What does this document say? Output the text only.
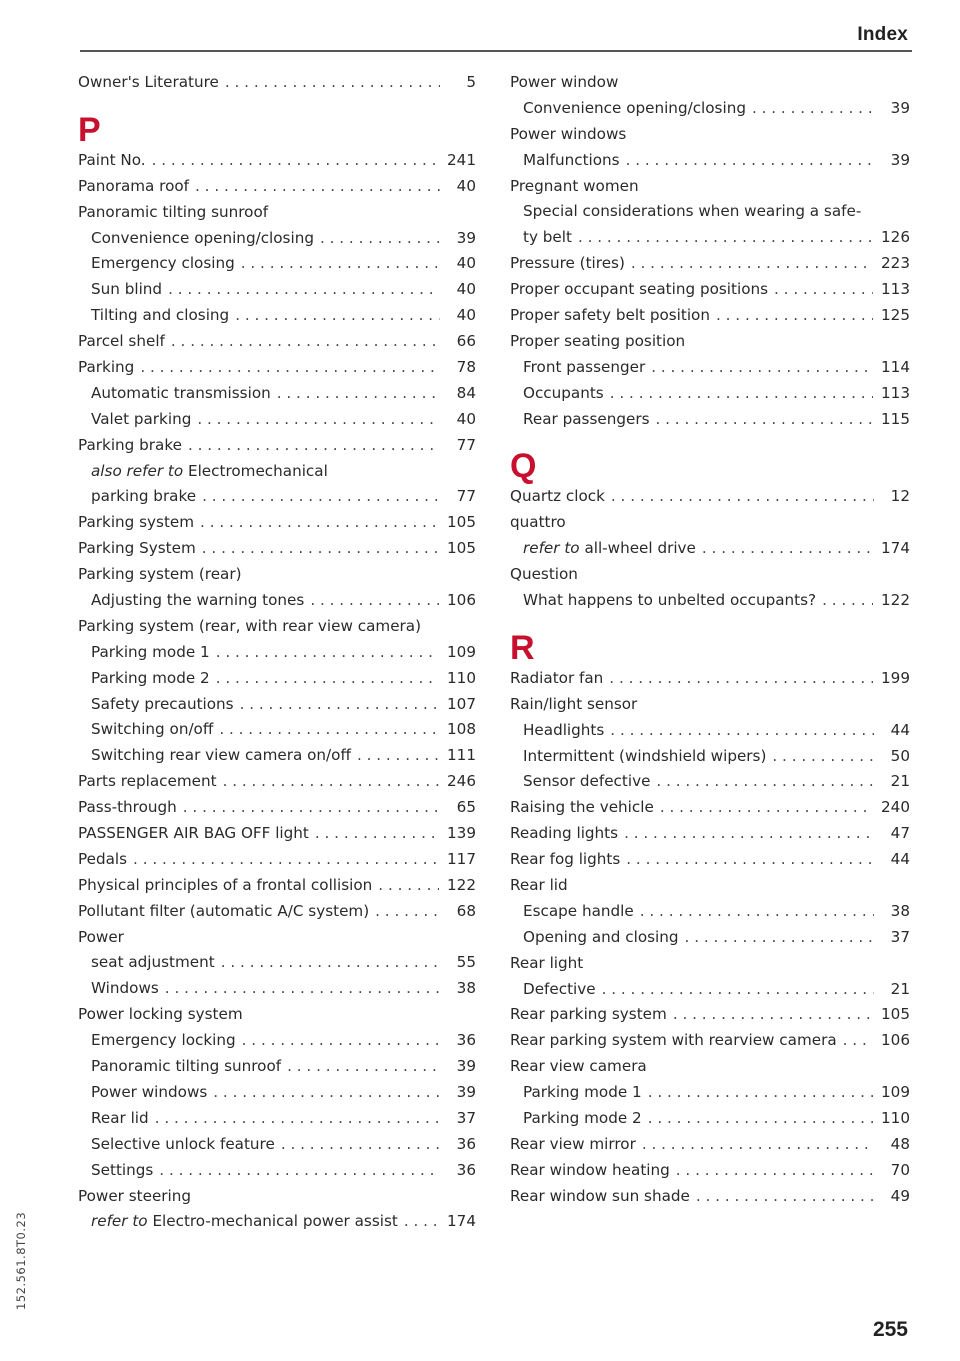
Index
Owner's Literature . . .	5
P
Paint No. . . .	241
Panorama roof . . .	40
Panoramic tilting sunroof
Convenience opening/closing . . .	39
Emergency closing . . .	40
Sun blind . . .	40
Tilting and closing . . .	40
Parcel shelf . . .	66
Parking . . .	78
Automatic transmission . . .	84
Valet parking . . .	40
Parking brake . . .	77
also refer to Electromechanical
parking brake . . .	77
Parking system . . .	105
Parking System . . .	105
Parking system (rear)
Adjusting the warning tones . . .	106
Parking system (rear, with rear view camera)
Parking mode 1 . . .	109
Parking mode 2 . . .	110
Safety precautions . . .	107
Switching on/off . . .	108
Switching rear view camera on/off . . .	111
Parts replacement . . .	246
Pass-through . . .	65
PASSENGER AIR BAG OFF light . . .	139
Pedals . . .	117
Physical principles of a frontal collision . . .	122
Pollutant filter (automatic A/C system) . . .	68
Power
seat adjustment . . .	55
Windows . . .	38
Power locking system
Emergency locking . . .	36
Panoramic tilting sunroof . . .	39
Power windows . . .	39
Rear lid . . .	37
Selective unlock feature . . .	36
Settings . . .	36
Power steering
refer to Electro-mechanical power assist . . .	174
Power window
Convenience opening/closing . . .	39
Power windows
Malfunctions . . .	39
Pregnant women
Special considerations when wearing a safe-
ty belt . . .	126
Pressure (tires) . . .	223
Proper occupant seating positions . . .	113
Proper safety belt position . . .	125
Proper seating position
Front passenger . . .	114
Occupants . . .	113
Rear passengers . . .	115
Q
Quartz clock . . .	12
quattro
refer to all-wheel drive . . .	174
Question
What happens to unbelted occupants? . . .	122
R
Radiator fan . . .	199
Rain/light sensor
Headlights . . .	44
Intermittent (windshield wipers) . . .	50
Sensor defective . . .	21
Raising the vehicle . . .	240
Reading lights . . .	47
Rear fog lights . . .	44
Rear lid
Escape handle . . .	38
Opening and closing . . .	37
Rear light
Defective . . .	21
Rear parking system . . .	105
Rear parking system with rearview camera . . .	106
Rear view camera
Parking mode 1 . . .	109
Parking mode 2 . . .	110
Rear view mirror . . .	48
Rear window heating . . .	70
Rear window sun shade . . .	49
152.561.8T0.23
255
